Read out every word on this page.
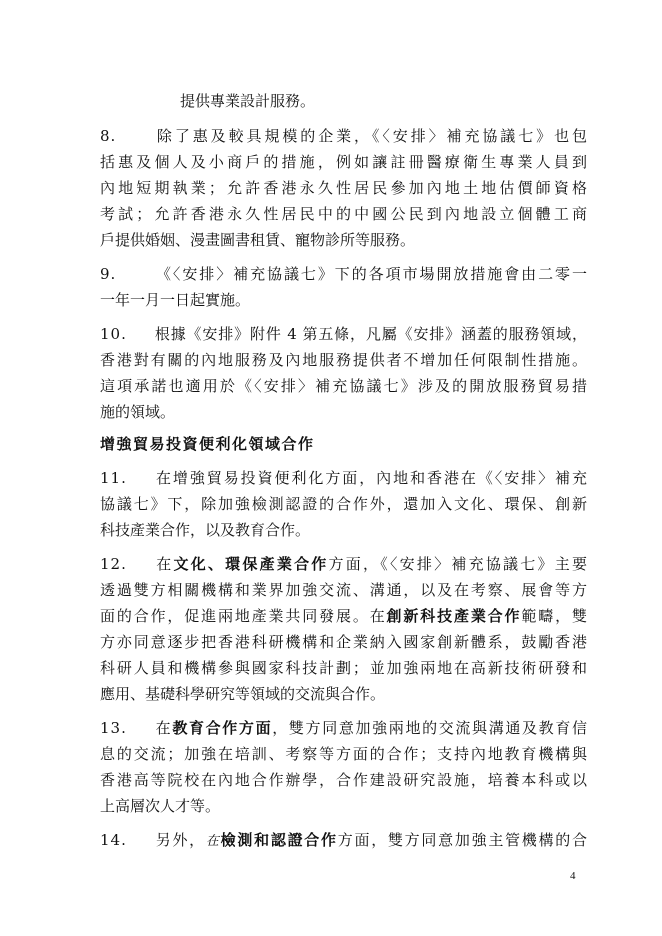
提供專業設計服務。
8.	除了惠及較具規模的企業，《〈安排〉補充協議七》也包
括惠及個人及小商戶的措施，例如讓註冊醫療衛生專業人員到
內地短期執業；允許香港永久性居民參加內地土地估價師資格
考試；允許香港永久性居民中的中國公民到內地設立個體工商
戶提供婚姻、漫畫圖書租賃、寵物診所等服務。
9.	《〈安排〉補充協議七》下的各項市場開放措施會由二零一
一年一月一日起實施。
10. 根據《安排》附件 4 第五條，凡屬《安排》涵蓋的服務領域，
香港對有關的內地服務及內地服務提供者不增加任何限制性措施。
這項承諾也適用於《〈安排〉補充協議七》涉及的開放服務貿易措
施的領域。
增強貿易投資便利化領域合作
11. 在增強貿易投資便利化方面，內地和香港在《〈安排〉補充
協議七》下，除加強檢測認證的合作外，還加入文化、環保、創新
科技產業合作，以及教育合作。
12. 在文化、環保產業合作方面，《〈安排〉補充協議七》主要
透過雙方相關機構和業界加強交流、溝通，以及在考察、展會等方
面的合作，促進兩地產業共同發展。在創新科技產業合作範疇，雙
方亦同意逐步把香港科研機構和企業納入國家創新體系，鼓勵香港
科研人員和機構參與國家科技計劃；並加強兩地在高新技術研發和
應用、基礎科學研究等領域的交流與合作。
13. 在教育合作方面，雙方同意加強兩地的交流與溝通及教育信
息的交流；加強在培訓、考察等方面的合作；支持內地教育機構與
香港高等院校在內地合作辦學，合作建設研究設施，培養本科或以
上高層次人才等。
14. 另外，在檢測和認證合作方面，雙方同意加強主管機構的合
4
